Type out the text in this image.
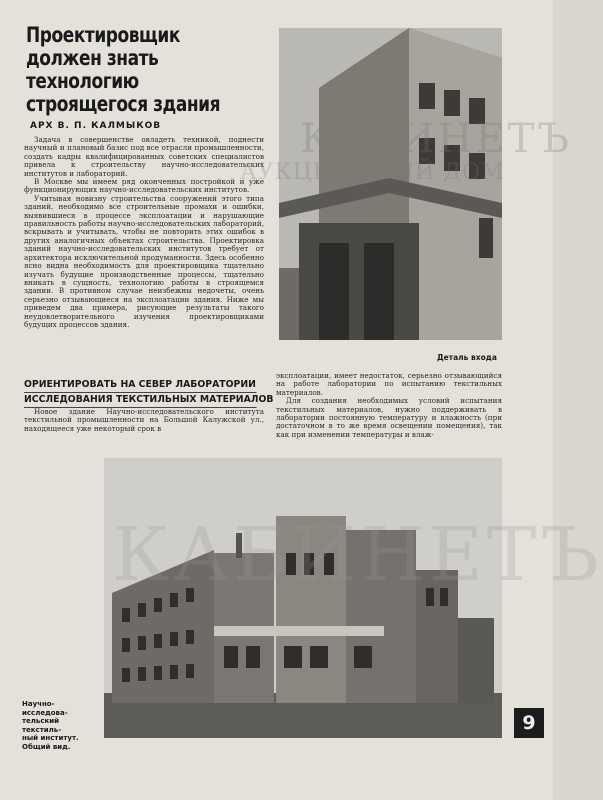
Проектировщик
должен знать
технологию
строящегося здания
АРХ В. П. КАЛМЫКОВ

Задача в совершенстве овладеть техникой, поднести научный и плановый базис под все отрасли промышленности, создать кадры квалифицированных советских специалистов привела к строительству научно-исследовательских институтов и лабораторий.

В Москве мы имеем ряд оконченных постройкой и уже функционирующих научно-исследовательских институтов.

Учитывая новизну строительства сооружений этого типа зданий, необходимо все строительные промахи и ошибки, выявившиеся в процессе эксплоатации и нарушающие правильность работы научно-исследовательских лабораторий, вскрывать и учитывать, чтобы не повторить этих ошибок в других аналогичных объектах строительства. Проектировка зданий научно-исследовательских институтов требует от архитектора исключительной продуманности. Здесь особенно ясно видна необходимость для проектировщика тщательно изучать будущие производственные процессы, тщательно вникать в сущность, технологию работы в строящемся здании. В противном случае неизбежны недочеты, очень серьезно отзывающиеся на эксплоатации здания. Ниже мы приведем два примера, рисующие результаты такого неудовлетворительного изучения проектировщиками будущих процессов здания.

Деталь входа
ОРИЕНТИРОВАТЬ НА СЕВЕР ЛАБОРАТОРИИ
ИССЛЕДОВАНИЯ ТЕКСТИЛЬНЫХ МАТЕРИАЛОВ

Новое здание Научно-исследовательского института текстильной промышленности на Большой Калужской ул., находящееся уже некоторый срок в

эксплоатации, имеет недостаток, серьезно отзывающийся на работе лаборатории по испытанию текстильных материалов.

Для создания необходимых условий испытания текстильных материалов, нужно поддерживать в лаборатории постоянную температуру и влажность (при достаточном в то же время освещении помещения), так как при изменении температуры и влаж-

Научно-исследова-
тельский текстиль-
ный институт.
Общий вид.
9
КАБИНЕТЪ
АУКЦИОННЫЙ ДОМ
КАБИНЕТЪ
